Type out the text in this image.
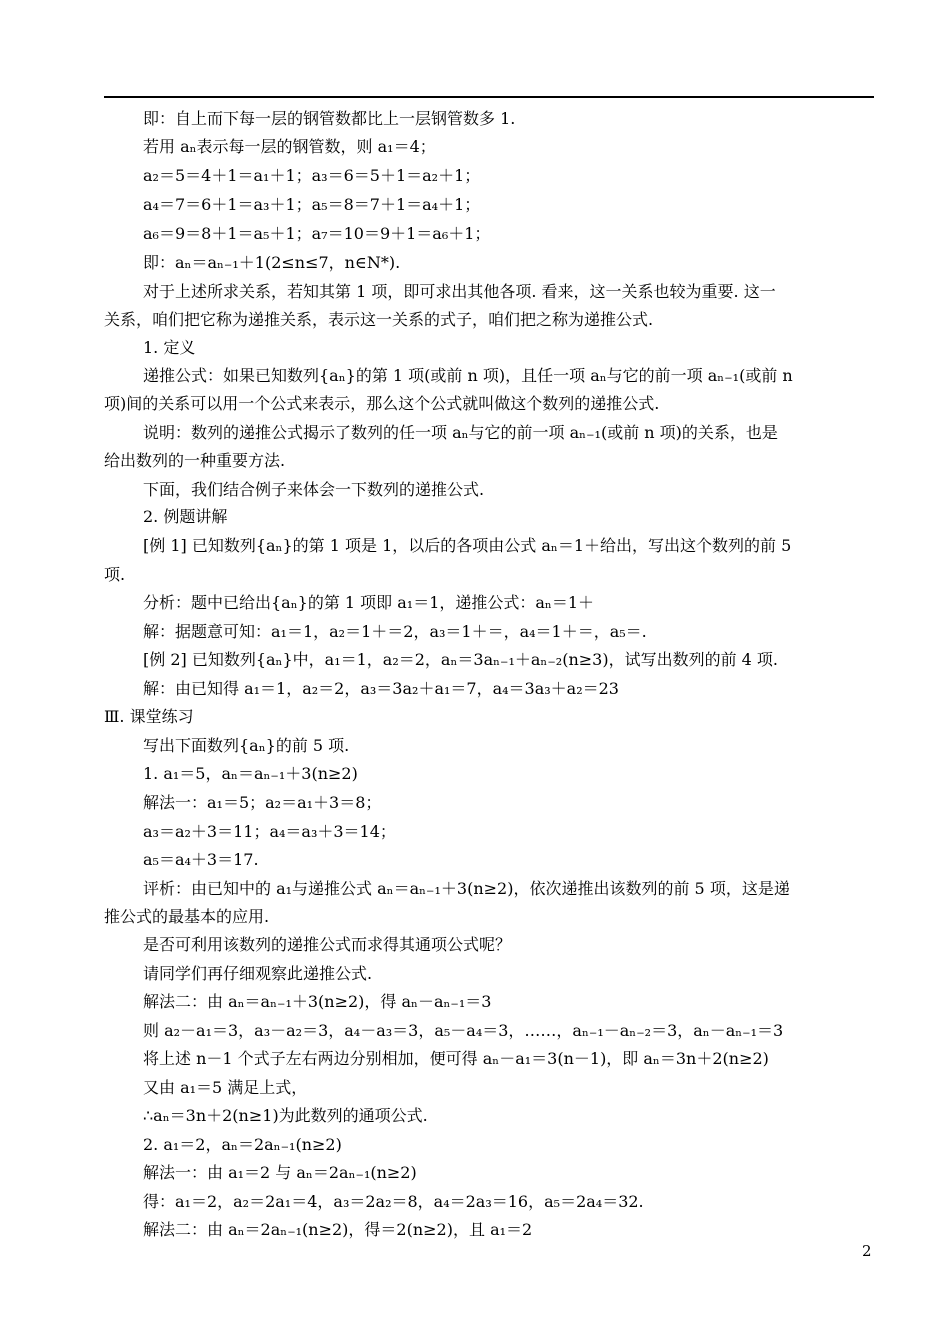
即：自上而下每一层的钢管数都比上一层钢管数多 1.
若用 aₙ表示每一层的钢管数，则 a₁＝4；
a₂＝5＝4＋1＝a₁＋1；a₃＝6＝5＋1＝a₂＋1；
a₄＝7＝6＋1＝a₃＋1；a₅＝8＝7＋1＝a₄＋1；
a₆＝9＝8＋1＝a₅＋1；a₇＝10＝9＋1＝a₆＋1；
即：aₙ＝aₙ₋₁＋1(2≤n≤7，n∈N*).
对于上述所求关系，若知其第 1 项，即可求出其他各项. 看来，这一关系也较为重要. 这一
关系，咱们把它称为递推关系，表示这一关系的式子，咱们把之称为递推公式.
1. 定义
递推公式：如果已知数列{aₙ}的第 1 项(或前 n 项)，且任一项 aₙ与它的前一项 aₙ₋₁(或前 n
项)间的关系可以用一个公式来表示，那么这个公式就叫做这个数列的递推公式.
说明：数列的递推公式揭示了数列的任一项 aₙ与它的前一项 aₙ₋₁(或前 n 项)的关系，也是
给出数列的一种重要方法.
下面，我们结合例子来体会一下数列的递推公式.
2. 例题讲解
[例 1] 已知数列{aₙ}的第 1 项是 1，以后的各项由公式 aₙ＝1＋给出，写出这个数列的前 5
项.
分析：题中已给出{aₙ}的第 1 项即 a₁＝1，递推公式：aₙ＝1＋
解：据题意可知：a₁＝1，a₂＝1＋＝2，a₃＝1＋＝，a₄＝1＋＝，a₅＝.
[例 2] 已知数列{aₙ}中，a₁＝1，a₂＝2，aₙ＝3aₙ₋₁＋aₙ₋₂(n≥3)，试写出数列的前 4 项.
解：由已知得 a₁＝1，a₂＝2，a₃＝3a₂＋a₁＝7，a₄＝3a₃＋a₂＝23
Ⅲ. 课堂练习
写出下面数列{aₙ}的前 5 项.
1. a₁＝5，aₙ＝aₙ₋₁＋3(n≥2)
解法一：a₁＝5；a₂＝a₁＋3＝8；
a₃＝a₂＋3＝11；a₄＝a₃＋3＝14；
a₅＝a₄＋3＝17.
评析：由已知中的 a₁与递推公式 aₙ＝aₙ₋₁＋3(n≥2)，依次递推出该数列的前 5 项，这是递
推公式的最基本的应用.
是否可利用该数列的递推公式而求得其通项公式呢？
请同学们再仔细观察此递推公式.
解法二：由 aₙ＝aₙ₋₁＋3(n≥2)，得 aₙ－aₙ₋₁＝3
则 a₂－a₁＝3，a₃－a₂＝3，a₄－a₃＝3，a₅－a₄＝3，……，aₙ₋₁－aₙ₋₂＝3，aₙ－aₙ₋₁＝3
将上述 n－1 个式子左右两边分别相加，便可得 aₙ－a₁＝3(n－1)，即 aₙ＝3n＋2(n≥2)
又由 a₁＝5 满足上式，
∴aₙ＝3n＋2(n≥1)为此数列的通项公式.
2. a₁＝2，aₙ＝2aₙ₋₁(n≥2)
解法一：由 a₁＝2 与 aₙ＝2aₙ₋₁(n≥2)
得：a₁＝2，a₂＝2a₁＝4，a₃＝2a₂＝8，a₄＝2a₃＝16，a₅＝2a₄＝32.
解法二：由 aₙ＝2aₙ₋₁(n≥2)，得＝2(n≥2)，且 a₁＝2
2
